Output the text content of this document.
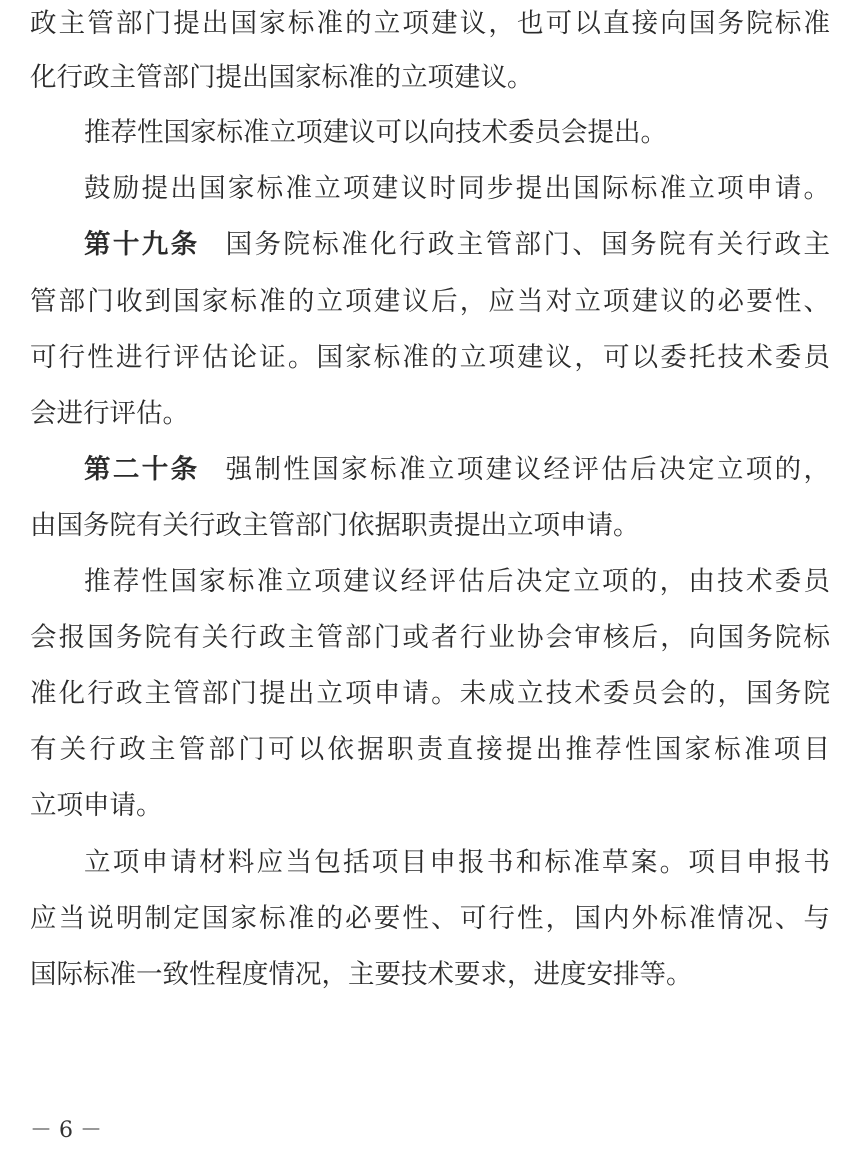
政主管部门提出国家标准的立项建议，也可以直接向国务院标准
化行政主管部门提出国家标准的立项建议。
推荐性国家标准立项建议可以向技术委员会提出。
鼓励提出国家标准立项建议时同步提出国际标准立项申请。
第十九条 国务院标准化行政主管部门、国务院有关行政主
管部门收到国家标准的立项建议后，应当对立项建议的必要性、
可行性进行评估论证。国家标准的立项建议，可以委托技术委员
会进行评估。
第二十条 强制性国家标准立项建议经评估后决定立项的，
由国务院有关行政主管部门依据职责提出立项申请。
推荐性国家标准立项建议经评估后决定立项的，由技术委员
会报国务院有关行政主管部门或者行业协会审核后，向国务院标
准化行政主管部门提出立项申请。未成立技术委员会的，国务院
有关行政主管部门可以依据职责直接提出推荐性国家标准项目
立项申请。
立项申请材料应当包括项目申报书和标准草案。项目申报书
应当说明制定国家标准的必要性、可行性，国内外标准情况、与
国际标准一致性程度情况，主要技术要求，进度安排等。
－ 6 －
